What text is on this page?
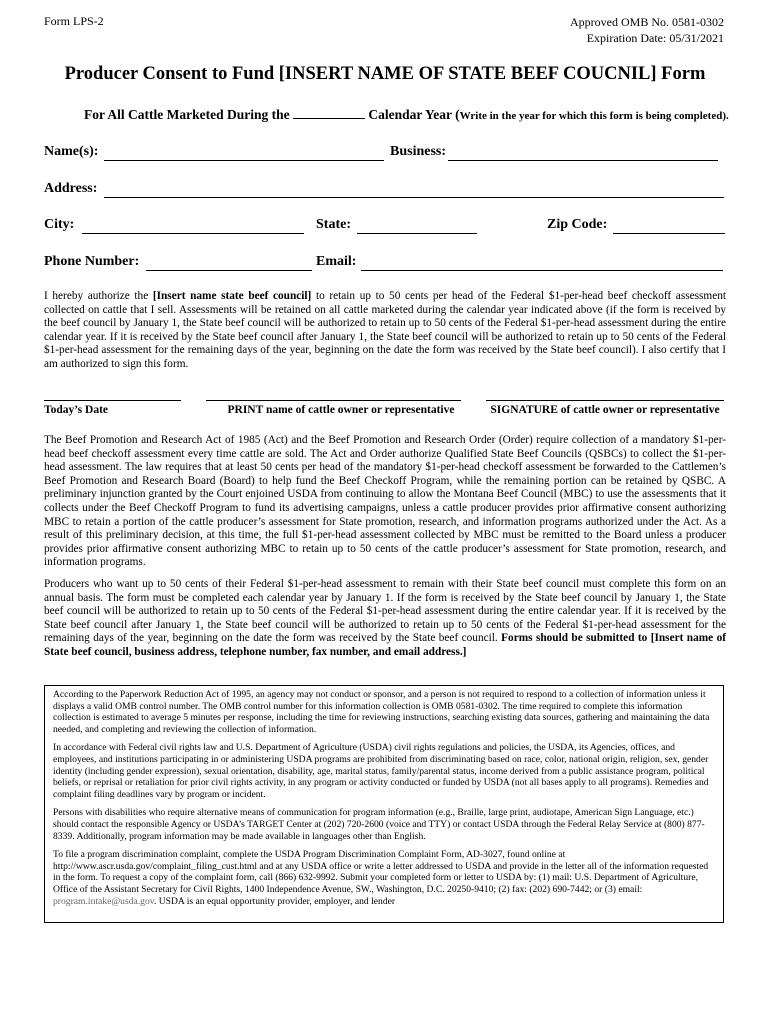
Form LPS-2	Approved OMB No. 0581-0302
Expiration Date: 05/31/2021
Producer Consent to Fund [INSERT NAME OF STATE BEEF COUCNIL] Form
For All Cattle Marketed During the	Calendar Year (Write in the year for which this form is being completed).
Name(s):	Business:
Address:
City:	State:	Zip Code:
Phone Number:	Email:
I hereby authorize the [Insert name state beef council] to retain up to 50 cents per head of the Federal $1-per-head beef checkoff assessment collected on cattle that I sell. Assessments will be retained on all cattle marketed during the calendar year indicated above (if the form is received by the beef council by January 1, the State beef council will be authorized to retain up to 50 cents of the Federal $1-per-head assessment during the entire calendar year. If it is received by the State beef council after January 1, the State beef council will be authorized to retain up to 50 cents of the Federal $1-per-head assessment for the remaining days of the year, beginning on the date the form was received by the State beef council). I also certify that I am authorized to sign this form.
Today’s Date	PRINT name of cattle owner or representative	SIGNATURE of cattle owner or representative
The Beef Promotion and Research Act of 1985 (Act) and the Beef Promotion and Research Order (Order) require collection of a mandatory $1-per-head beef checkoff assessment every time cattle are sold. The Act and Order authorize Qualified State Beef Councils (QSBCs) to collect the $1-per-head assessment. The law requires that at least 50 cents per head of the mandatory $1-per-head checkoff assessment be forwarded to the Cattlemen’s Beef Promotion and Research Board (Board) to help fund the Beef Checkoff Program, while the remaining portion can be retained by QSBC. A preliminary injunction granted by the Court enjoined USDA from continuing to allow the Montana Beef Council (MBC) to use the assessments that it collects under the Beef Checkoff Program to fund its advertising campaigns, unless a cattle producer provides prior affirmative consent authorizing MBC to retain a portion of the cattle producer’s assessment for State promotion, research, and information programs authorized under the Act. As a result of this preliminary decision, at this time, the full $1-per-head assessment collected by MBC must be remitted to the Board unless a producer provides prior affirmative consent authorizing MBC to retain up to 50 cents of the cattle producer’s assessment for State promotion, research, and information programs.
Producers who want up to 50 cents of their Federal $1-per-head assessment to remain with their State beef council must complete this form on an annual basis. The form must be completed each calendar year by January 1. If the form is received by the State beef council by January 1, the State beef council will be authorized to retain up to 50 cents of the Federal $1-per-head assessment during the entire calendar year. If it is received by the State beef council after January 1, the State beef council will be authorized to retain up to 50 cents of the Federal $1-per-head assessment for the remaining days of the year, beginning on the date the form was received by the State beef council. Forms should be submitted to [Insert name of State beef council, business address, telephone number, fax number, and email address.]

According to the Paperwork Reduction Act of 1995, an agency may not conduct or sponsor, and a person is not required to respond to a collection of information unless it displays a valid OMB control number. The OMB control number for this information collection is OMB 0581-0302. The time required to complete this information collection is estimated to average 5 minutes per response, including the time for reviewing instructions, searching existing data sources, gathering and maintaining the data needed, and completing and reviewing the collection of information.

In accordance with Federal civil rights law and U.S. Department of Agriculture (USDA) civil rights regulations and policies, the USDA, its Agencies, offices, and employees, and institutions participating in or administering USDA programs are prohibited from discriminating based on race, color, national origin, religion, sex, gender identity (including gender expression), sexual orientation, disability, age, marital status, family/parental status, income derived from a public assistance program, political beliefs, or reprisal or retaliation for prior civil rights activity, in any program or activity conducted or funded by USDA (not all bases apply to all programs). Remedies and complaint filing deadlines vary by program or incident.

Persons with disabilities who require alternative means of communication for program information (e.g., Braille, large print, audiotape, American Sign Language, etc.) should contact the responsible Agency or USDA’s TARGET Center at (202) 720-2600 (voice and TTY) or contact USDA through the Federal Relay Service at (800) 877-8339. Additionally, program information may be made available in languages other than English.

To file a program discrimination complaint, complete the USDA Program Discrimination Complaint Form, AD-3027, found online at http://www.ascr.usda.gov/complaint_filing_cust.html and at any USDA office or write a letter addressed to USDA and provide in the letter all of the information requested in the form. To request a copy of the complaint form, call (866) 632-9992. Submit your completed form or letter to USDA by: (1) mail: U.S. Department of Agriculture, Office of the Assistant Secretary for Civil Rights, 1400 Independence Avenue, SW., Washington, D.C. 20250-9410; (2) fax: (202) 690-7442; or (3) email: program.intake@usda.gov. USDA is an equal opportunity provider, employer, and lender
